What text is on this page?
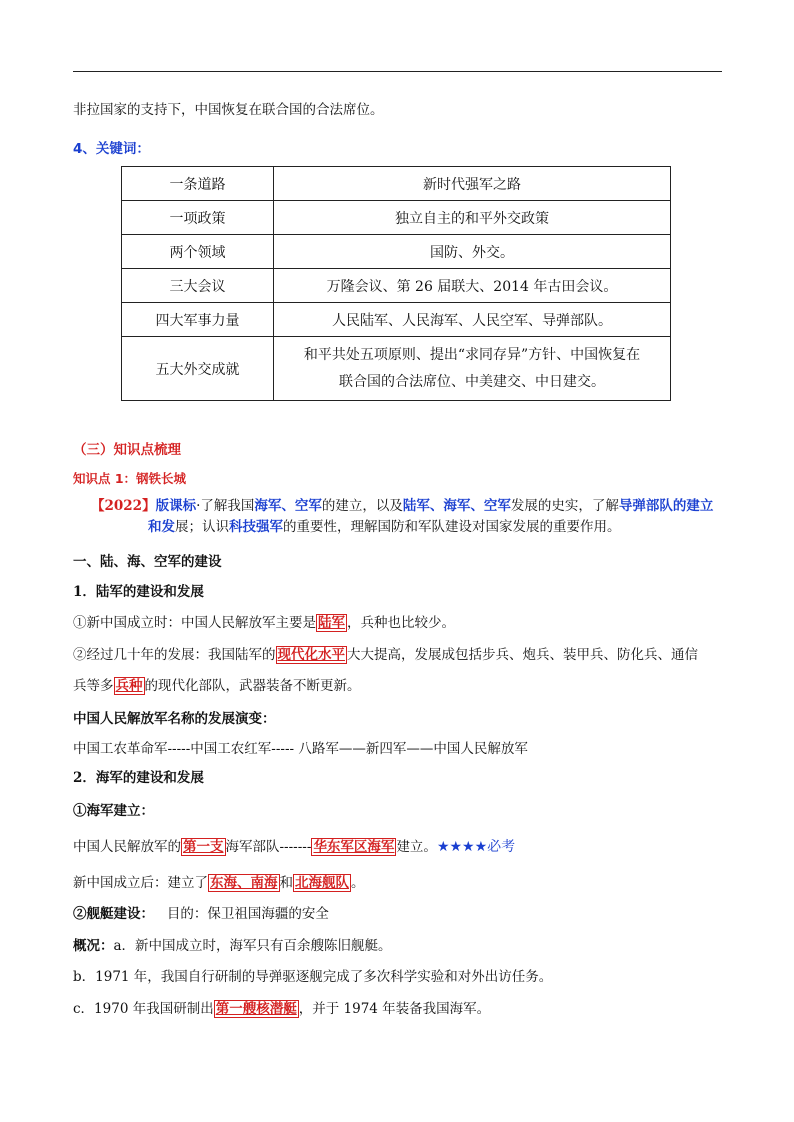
非拉国家的支持下，中国恢复在联合国的合法席位。
4、关键词：
一条道路	新时代强军之路
一项政策	独立自主的和平外交政策
两个领域	国防、外交。
三大会议	万隆会议、第 26 届联大、2014 年古田会议。
四大军事力量	人民陆军、人民海军、人民空军、导弹部队。
五大外交成就	和平共处五项原则、提出“求同存异”方针、中国恢复在
联合国的合法席位、中美建交、中日建交。
（三）知识点梳理
知识点 1：钢铁长城
【2022】版课标·了解我国海军、空军的建立，以及陆军、海军、空军发展的史实，了解导弹部队的建立
和发展；认识科技强军的重要性，理解国防和军队建设对国家发展的重要作用。
一、陆、海、空军的建设
1．陆军的建设和发展
①新中国成立时：中国人民解放军主要是 陆军 ，兵种也比较少。
②经过几十年的发展：我国陆军的 现代化水平 大大提高，发展成包括步兵、炮兵、装甲兵、防化兵、通信
兵等多 兵种 的现代化部队，武器装备不断更新。
中国人民解放军名称的发展演变：
中国工农革命军-----中国工农红军----- 八路军——新四军——中国人民解放军
2．海军的建设和发展
①海军建立：
中国人民解放军的 第一支 海军部队------- 华东军区海军 建立。★★★★必考
新中国成立后：建立了 东海、南海 和 北海舰队 。
②舰艇建设：   目的：保卫祖国海疆的安全
概况：a．新中国成立时，海军只有百余艘陈旧舰艇。
b．1971 年，我国自行研制的导弹驱逐舰完成了多次科学实验和对外出访任务。
c．1970 年我国研制出 第一艘核潜艇 ，并于 1974 年装备我国海军。
